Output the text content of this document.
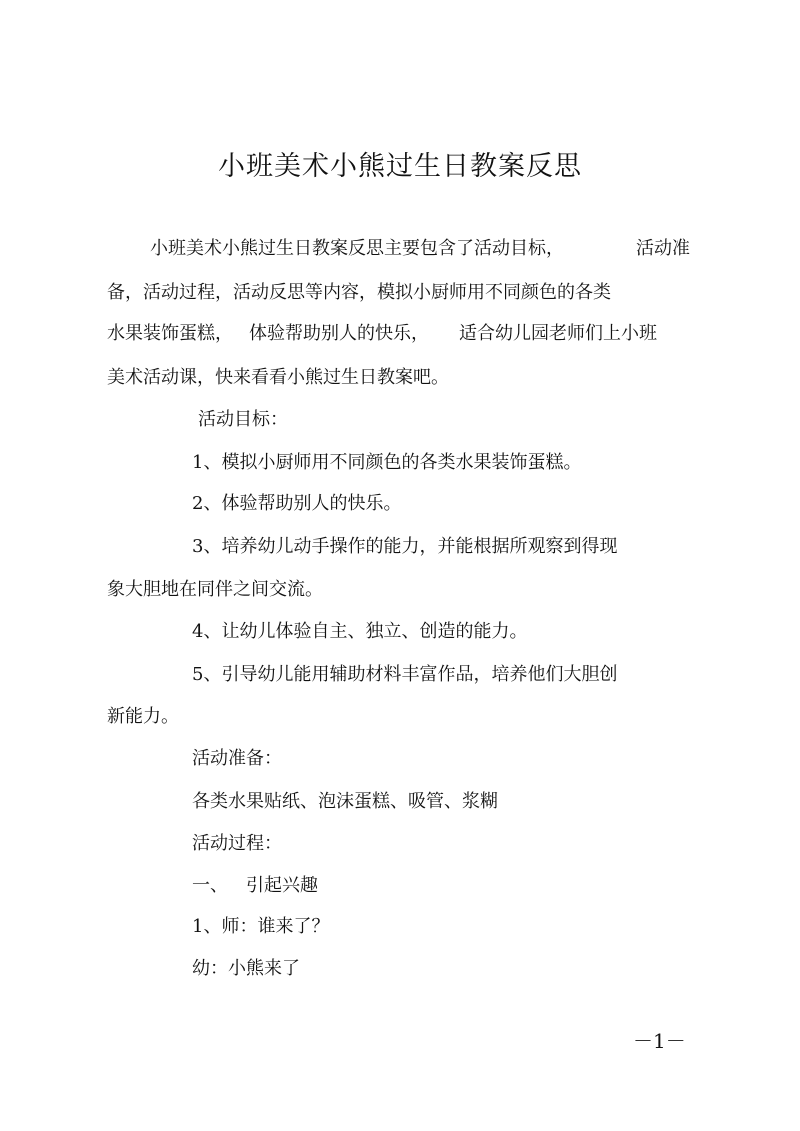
小班美术小熊过生日教案反思
小班美术小熊过生日教案反思主要包含了活动目标，	活动准
备，活动过程，活动反思等内容，模拟小厨师用不同颜色的各类
水果装饰蛋糕， 体验帮助别人的快乐， 适合幼儿园老师们上小班
美术活动课，快来看看小熊过生日教案吧。
活动目标：
1、模拟小厨师用不同颜色的各类水果装饰蛋糕。
2、体验帮助别人的快乐。
3、培养幼儿动手操作的能力，并能根据所观察到得现
象大胆地在同伴之间交流。
4、让幼儿体验自主、独立、创造的能力。
5、引导幼儿能用辅助材料丰富作品，培养他们大胆创
新能力。
活动准备：
各类水果贴纸、泡沫蛋糕、吸管、浆糊
活动过程：
一、 引起兴趣
1、师：谁来了？
幼：小熊来了
－1－
